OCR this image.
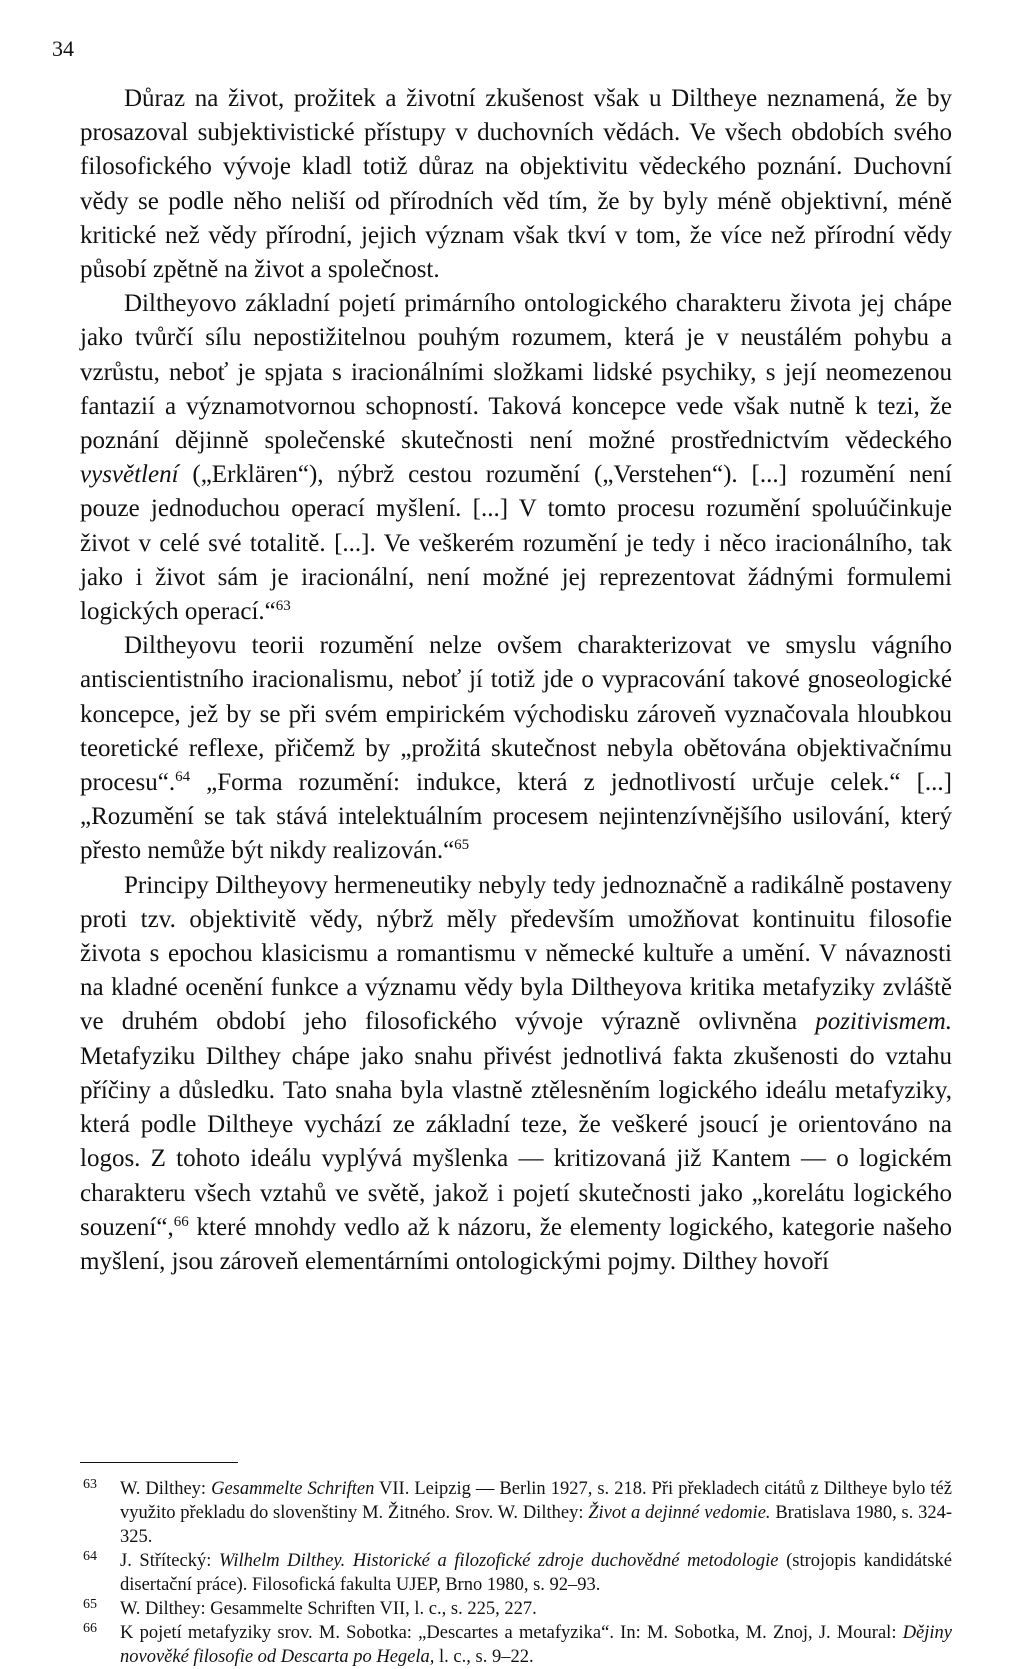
34

Důraz na život, prožitek a životní zkušenost však u Diltheye neznamená, že by prosazoval subjektivistické přístupy v duchovních vědách. Ve všech obdobích svého filosofického vývoje kladl totiž důraz na objektivitu vědeckého poznání. Duchovní vědy se podle něho neliší od přírodních věd tím, že by byly méně objektivní, méně kritické než vědy přírodní, jejich význam však tkví v tom, že více než přírodní vědy působí zpětně na život a společnost.

Diltheyovo základní pojetí primárního ontologického charakteru života jej chápe jako tvůrčí sílu nepostižitelnou pouhým rozumem, která je v neustálém pohybu a vzrůstu, neboť je spjata s iracionálními složkami lidské psychiky, s její neomezenou fantazií a významotvornou schopností. Taková koncepce vede však nutně k tezi, že poznání dějinně společenské skutečnosti není možné prostřednictvím vědeckého vysvětlení („Erklären“), nýbrž cestou rozumění („Verstehen“). [...] rozumění není pouze jednoduchou operací myšlení. [...] V tomto procesu rozumění spoluúčinkuje život v celé své totalitě. [...]. Ve veškerém rozumění je tedy i něco iracionálního, tak jako i život sám je iracionální, není možné jej reprezentovat žádnými formulemi logických operací.“$^{63}$

Diltheyovu teorii rozumění nelze ovšem charakterizovat ve smyslu vágního antiscientistního iracionalismu, neboť jí totiž jde o vypracování takové gnoseologické koncepce, jež by se při svém empirickém východisku zároveň vyznačovala hloubkou teoretické reflexe, přičemž by „prožitá skutečnost nebyla obětována objektivačnímu procesu“.$^{64}$ „Forma rozumění: indukce, která z jednotlivostí určuje celek.“ [...] „Rozumění se tak stává intelektuálním procesem nejintenzívnějšího usilování, který přesto nemůže být nikdy realizován.“$^{65}$

Principy Diltheyovy hermeneutiky nebyly tedy jednoznačně a radikálně postaveny proti tzv. objektivitě vědy, nýbrž měly především umožňovat kontinuitu filosofie života s epochou klasicismu a romantismu v německé kultuře a umění. V návaznosti na kladné ocenění funkce a významu vědy byla Diltheyova kritika metafyziky zvláště ve druhém období jeho filosofického vývoje výrazně ovlivněna pozitivismem. Metafyziku Dilthey chápe jako snahu přivést jednotlivá fakta zkušenosti do vztahu příčiny a důsledku. Tato snaha byla vlastně ztělesněním logického ideálu metafyziky, která podle Diltheye vychází ze základní teze, že veškeré jsoucí je orientováno na logos. Z tohoto ideálu vyplývá myšlenka — kritizovaná již Kantem — o logickém charakteru všech vztahů ve světě, jakož i pojetí skutečnosti jako „korelátu logického souzení“,$^{66}$ které mnohdy vedlo až k názoru, že elementy logického, kategorie našeho myšlení, jsou zároveň elementárními ontologickými pojmy. Dilthey hovoří

63 W. Dilthey: Gesammelte Schriften VII. Leipzig — Berlin 1927, s. 218. Při překladech citátů z Diltheye bylo též využito překladu do slovenštiny M. Žitného. Srov. W. Dilthey: Život a dejinné vedomie. Bratislava 1980, s. 324-325.
64 J. Střítecký: Wilhelm Dilthey. Historické a filozofické zdroje duchovědné metodologie (strojopis kandidátské disertační práce). Filosofická fakulta UJEP, Brno 1980, s. 92–93.
65 W. Dilthey: Gesammelte Schriften VII, l. c., s. 225, 227.
66 K pojetí metafyziky srov. M. Sobotka: „Descartes a metafyzika“. In: M. Sobotka, M. Znoj, J. Moural: Dějiny novověké filosofie od Descarta po Hegela, l. c., s. 9–22.
